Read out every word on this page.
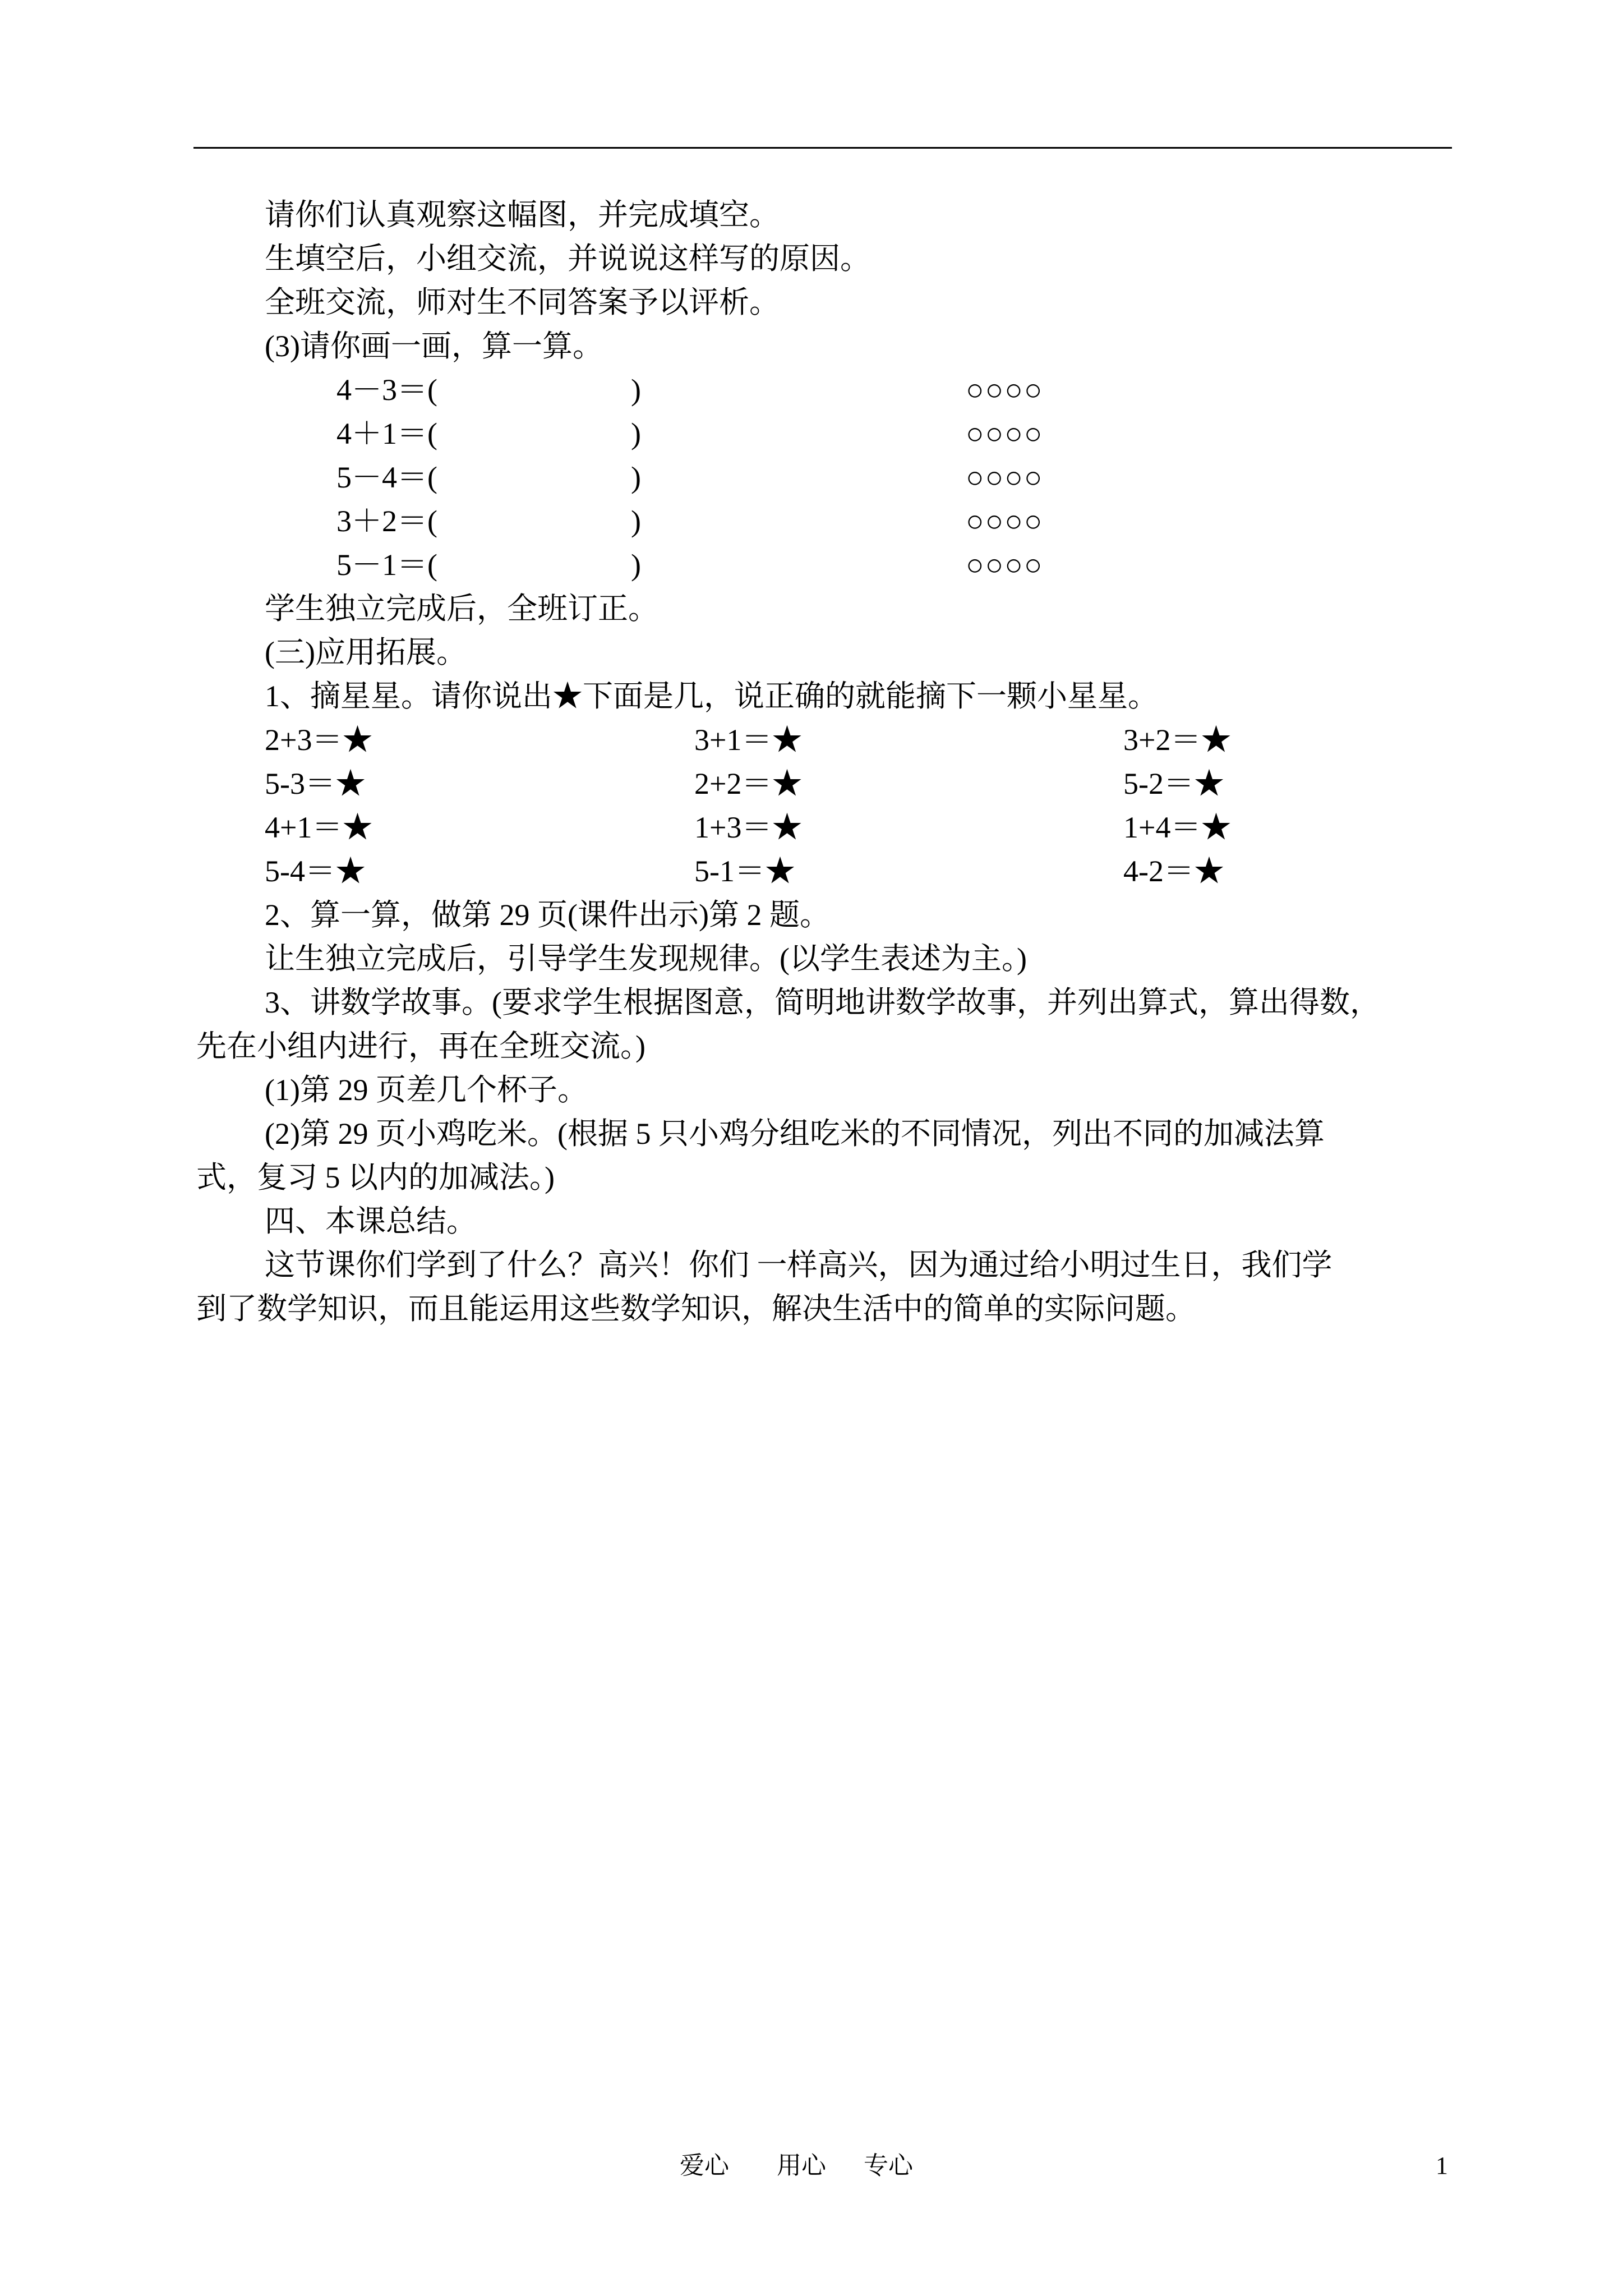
请你们认真观察这幅图，并完成填空。
生填空后，小组交流，并说说这样写的原因。
全班交流，师对生不同答案予以评析。
(3)请你画一画，算一算。
4－3＝(	)	○○○○
4＋1＝(	)	○○○○
5－4＝(	)	○○○○
3＋2＝(	)	○○○○
5－1＝(	)	○○○○
学生独立完成后，全班订正。
(三)应用拓展。
1、摘星星。请你说出★下面是几，说正确的就能摘下一颗小星星。
2+3＝★	3+1＝★	3+2＝★
5-3＝★	2+2＝★	5-2＝★
4+1＝★	1+3＝★	1+4＝★
5-4＝★	5-1＝★	4-2＝★
2、算一算，做第 29 页(课件出示)第 2 题。
让生独立完成后，引导学生发现规律。(以学生表述为主。)
3、讲数学故事。(要求学生根据图意，简明地讲数学故事，并列出算式，算出得数，
先在小组内进行，再在全班交流。)
(1)第 29 页差几个杯子。
(2)第 29 页小鸡吃米。(根据 5 只小鸡分组吃米的不同情况，列出不同的加减法算
式，复习 5 以内的加减法。)
四、本课总结。
这节课你们学到了什么？高兴！你们 一样高兴，因为通过给小明过生日，我们学
到了数学知识，而且能运用这些数学知识，解决生活中的简单的实际问题。
爱心 用心 专心	1
